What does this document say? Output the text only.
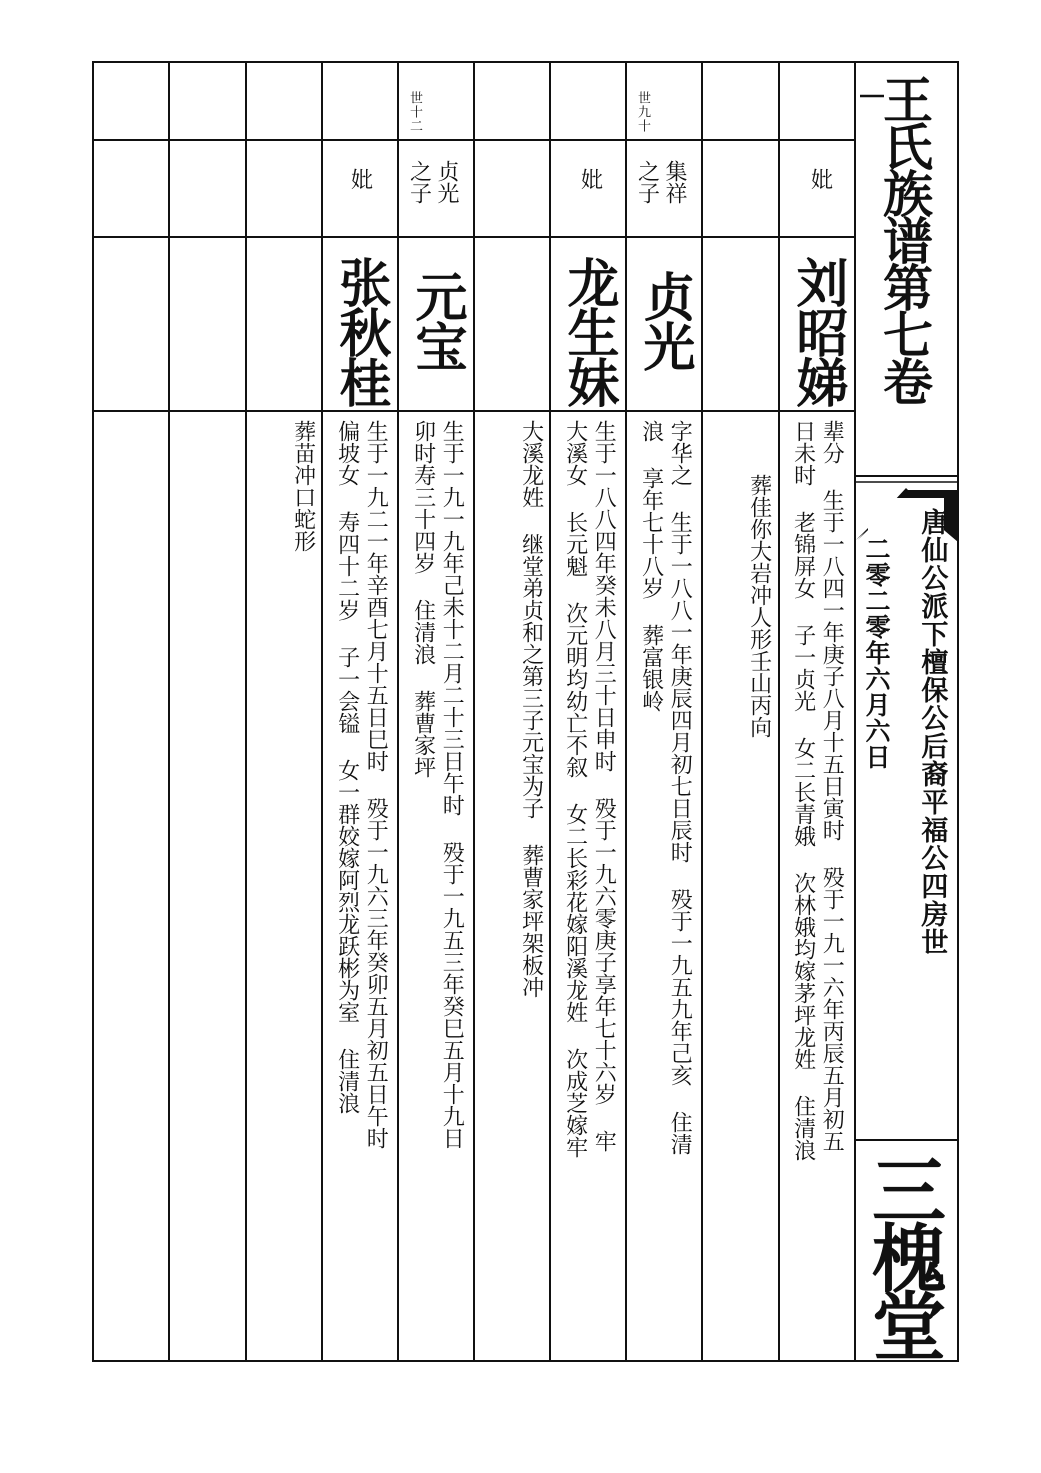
王氏族谱第七卷
唐仙公派下檀保公后裔平福公四房世
二零二零年六月六日
三槐堂
世十二	世九十
妣
集祥
之子
妣
贞光
之子
妣
刘昭娣
贞光
龙生妹
元宝
张秋桂
辈分 生于一八四一年庚子八月十五日寅时 殁于一九一六年丙辰五月初五
日未时 老锦屏女 子一贞光 女二长青娥 次林娥均嫁茅坪龙姓 住清浪
葬佳你大岩冲人形壬山丙向
字华之 生于一八八一年庚辰四月初七日辰时 殁于一九五九年己亥 住清
浪 享年七十八岁 葬富银岭
生于一八八四年癸未八月三十日申时 殁于一九六零庚子享年七十六岁 牢
大溪女 长元魁 次元明均幼亡不叙 女二长彩花嫁阳溪龙姓 次成芝嫁牢
大溪龙姓 继堂弟贞和之第三子元宝为子 葬曹家坪架板冲
生于一九一九年己未十二月二十三日午时 殁于一九五三年癸巳五月十九日
卯时寿三十四岁 住清浪 葬曹家坪
生于一九二一年辛酉七月十五日巳时 殁于一九六三年癸卯五月初五日午时
偏坡女 寿四十二岁 子一会镒 女一群姣嫁阿烈龙跃彬为室 住清浪
葬苗冲口蛇形
